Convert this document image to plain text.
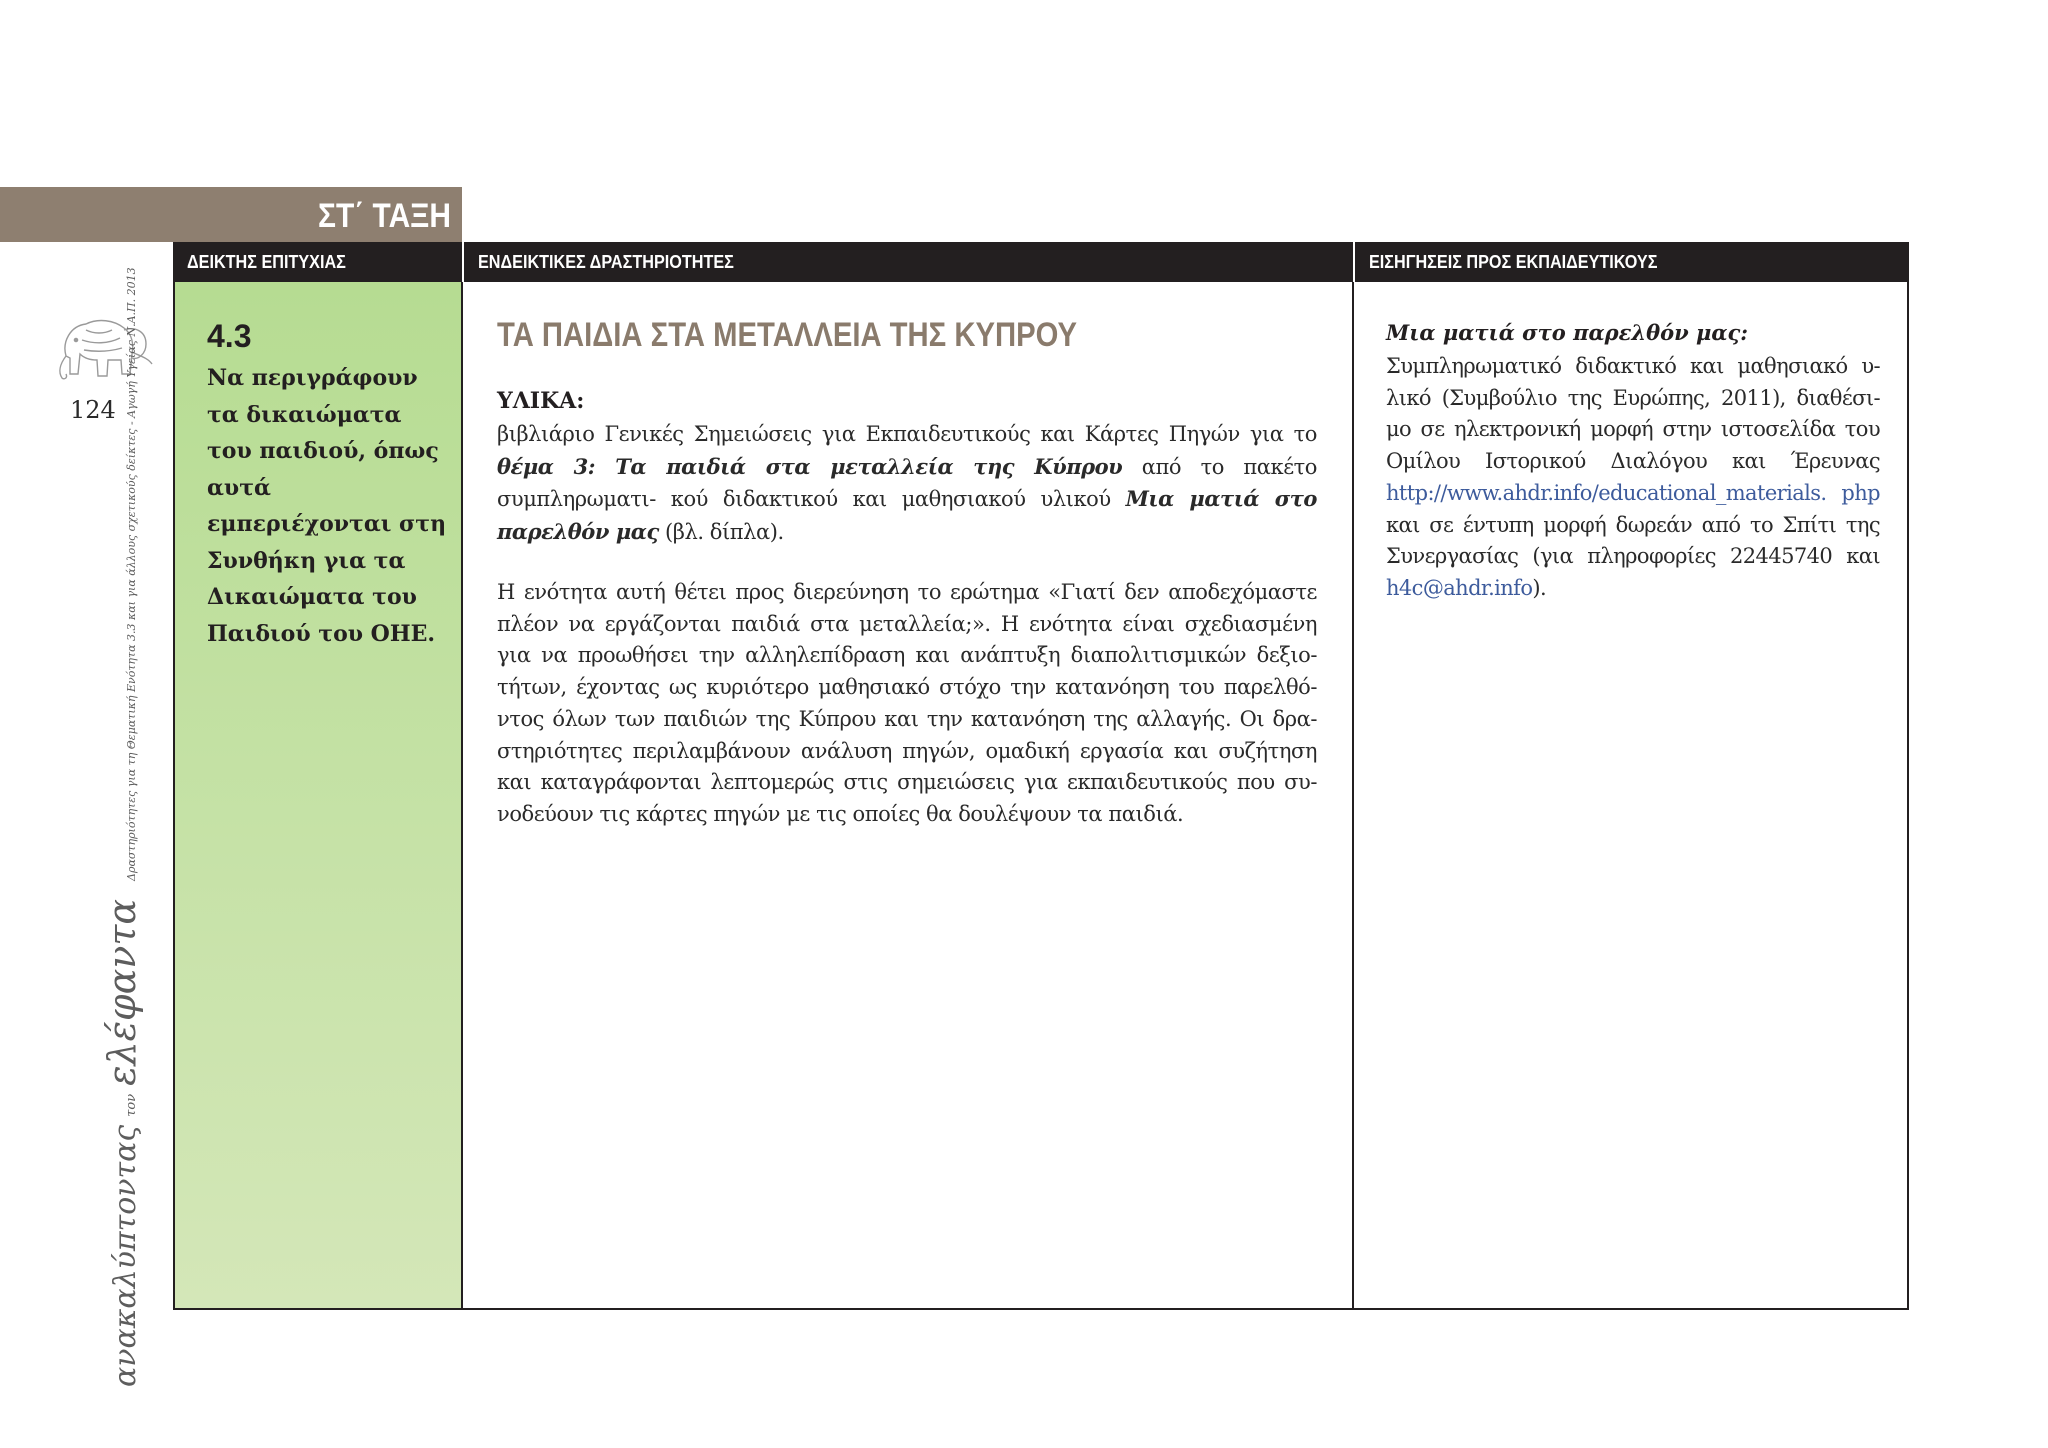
ΣΤ΄ ΤΑΞΗ
ΔΕΙΚΤΗΣ ΕΠΙΤΥΧΙΑΣ	ΕΝΔΕΙΚΤΙΚΕΣ ΔΡΑΣΤΗΡΙΟΤΗΤΕΣ	ΕΙΣΗΓΗΣΕΙΣ ΠΡΟΣ ΕΚΠΑΙΔΕΥΤΙΚΟΥΣ
4.3
Να περιγράφουν τα δικαιώματα του παιδιού, όπως αυτά εμπεριέχονται στη Συνθήκη για τα Δικαιώματα του Παιδιού του ΟΗΕ.
ΤΑ ΠΑΙΔΙΑ ΣΤΑ ΜΕΤΑΛΛΕΙΑ ΤΗΣ ΚΥΠΡΟΥ
ΥΛΙΚΑ:
βιβλιάριο Γενικές Σημειώσεις για Εκπαιδευτικούς και Κάρτες Πηγών για το θέμα 3: Τα παιδιά στα μεταλλεία της Κύπρου από το πακέτο συμπληρωματι- κού διδακτικού και μαθησιακού υλικού Μια ματιά στο παρελθόν μας (βλ. δίπλα).
Η ενότητα αυτή θέτει προς διερεύνηση το ερώτημα «Γιατί δεν αποδεχόμαστε πλέον να εργάζονται παιδιά στα μεταλλεία;». Η ενότητα είναι σχεδιασμένη για να προωθήσει την αλληλεπίδραση και ανάπτυξη διαπολιτισμικών δεξιο- τήτων, έχοντας ως κυριότερο μαθησιακό στόχο την κατανόηση του παρελθό- ντος όλων των παιδιών της Κύπρου και την κατανόηση της αλλαγής. Οι δρα- στηριότητες περιλαμβάνουν ανάλυση πηγών, ομαδική εργασία και συζήτηση και καταγράφονται λεπτομερώς στις σημειώσεις για εκπαιδευτικούς που συ- νοδεύουν τις κάρτες πηγών με τις οποίες θα δουλέψουν τα παιδιά.
Μια ματιά στο παρελθόν μας:
Συμπληρωματικό διδακτικό και μαθησιακό υ- λικό (Συμβούλιο της Ευρώπης, 2011), διαθέσι- μο σε ηλεκτρονική μορφή στην ιστοσελίδα του Ομίλου Ιστορικού Διαλόγου και Έρευνας http://www.ahdr.info/educational_materials. php και σε έντυπη μορφή δωρεάν από το Σπίτι της Συνεργασίας (για πληροφορίες 22445740 και h4c@ahdr.info).
124
ανακαλύπτοντας
τον
ελέφαντα
Δραστηριότητες για τη Θεματική Ενότητα 3.3 και για άλλους σχετικούς δείκτες - Αγωγή Υγείας Ν.Α.Π. 2013
